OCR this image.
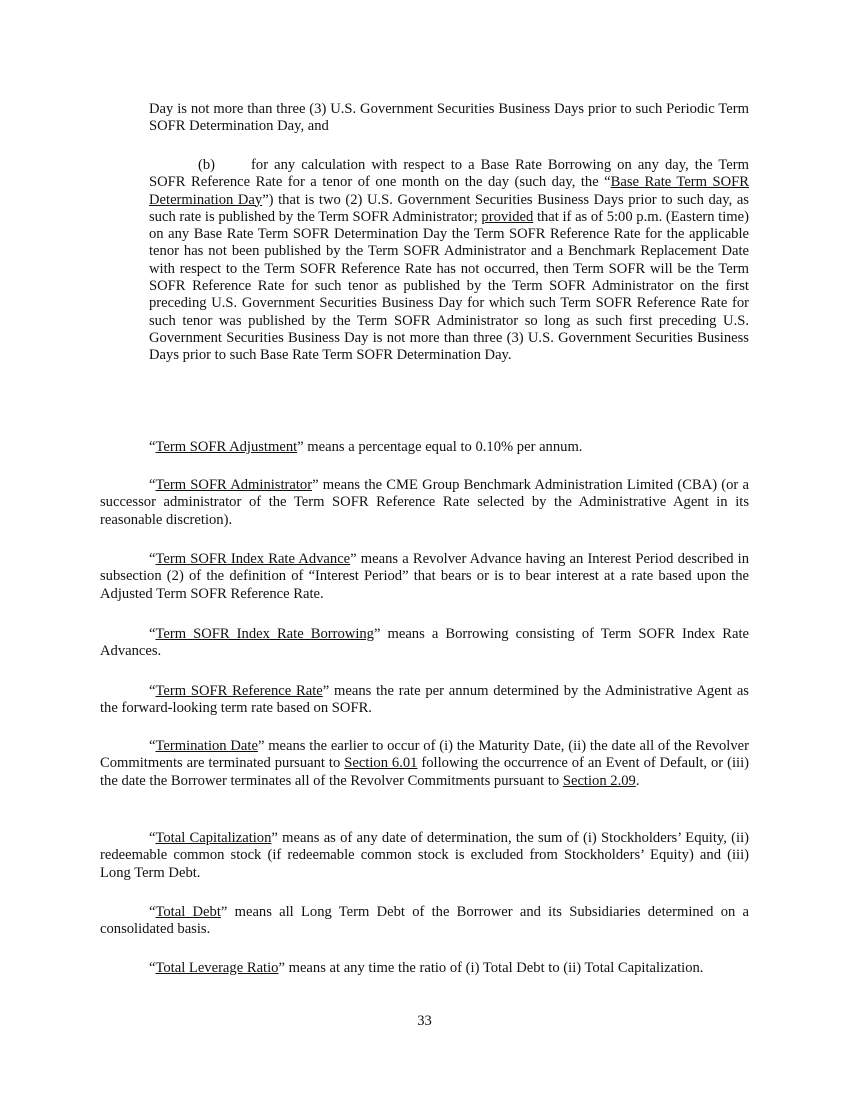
Day is not more than three (3) U.S. Government Securities Business Days prior to such Periodic Term SOFR Determination Day, and

(b) for any calculation with respect to a Base Rate Borrowing on any day, the Term SOFR Reference Rate for a tenor of one month on the day (such day, the “Base Rate Term SOFR Determination Day”) that is two (2) U.S. Government Securities Business Days prior to such day, as such rate is published by the Term SOFR Administrator; provided that if as of 5:00 p.m. (Eastern time) on any Base Rate Term SOFR Determination Day the Term SOFR Reference Rate for the applicable tenor has not been published by the Term SOFR Administrator and a Benchmark Replacement Date with respect to the Term SOFR Reference Rate has not occurred, then Term SOFR will be the Term SOFR Reference Rate for such tenor as published by the Term SOFR Administrator on the first preceding U.S. Government Securities Business Day for which such Term SOFR Reference Rate for such tenor was published by the Term SOFR Administrator so long as such first preceding U.S. Government Securities Business Day is not more than three (3) U.S. Government Securities Business Days prior to such Base Rate Term SOFR Determination Day.

“Term SOFR Adjustment” means a percentage equal to 0.10% per annum.

“Term SOFR Administrator” means the CME Group Benchmark Administration Limited (CBA) (or a successor administrator of the Term SOFR Reference Rate selected by the Administrative Agent in its reasonable discretion).

“Term SOFR Index Rate Advance” means a Revolver Advance having an Interest Period described in subsection (2) of the definition of “Interest Period” that bears or is to bear interest at a rate based upon the Adjusted Term SOFR Reference Rate.

“Term SOFR Index Rate Borrowing” means a Borrowing consisting of Term SOFR Index Rate Advances.

“Term SOFR Reference Rate” means the rate per annum determined by the Administrative Agent as the forward-looking term rate based on SOFR.

“Termination Date” means the earlier to occur of (i) the Maturity Date, (ii) the date all of the Revolver Commitments are terminated pursuant to Section 6.01 following the occurrence of an Event of Default, or (iii) the date the Borrower terminates all of the Revolver Commitments pursuant to Section 2.09.

“Total Capitalization” means as of any date of determination, the sum of (i) Stockholders’ Equity, (ii) redeemable common stock (if redeemable common stock is excluded from Stockholders’ Equity) and (iii) Long Term Debt.

“Total Debt” means all Long Term Debt of the Borrower and its Subsidiaries determined on a consolidated basis.

“Total Leverage Ratio” means at any time the ratio of (i) Total Debt to (ii) Total Capitalization.

33
